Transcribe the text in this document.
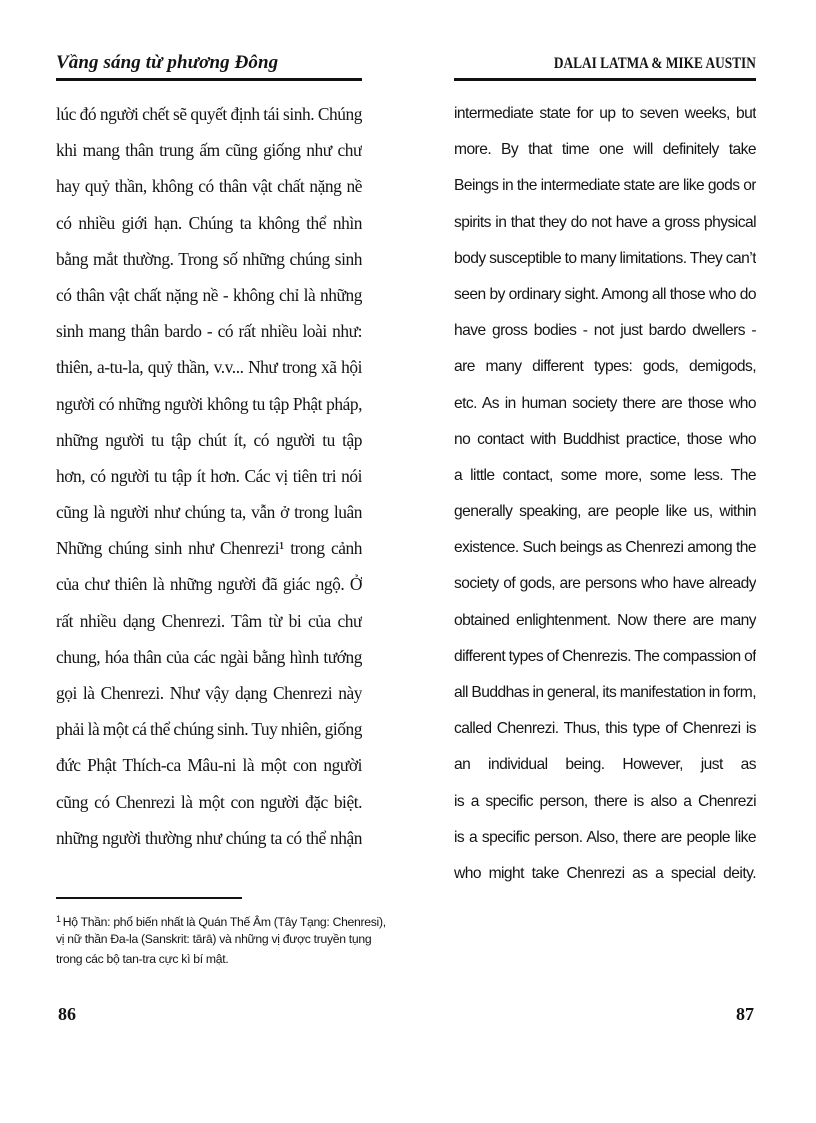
Vầng sáng từ phương Đông
lúc đó người chết sẽ quyết định tái sinh. Chúng
khi mang thân trung ấm cũng giống như chư
hay quỷ thần, không có thân vật chất nặng nề
có nhiều giới hạn. Chúng ta không thể nhìn
bằng mắt thường. Trong số những chúng sinh
có thân vật chất nặng nề - không chỉ là những
sinh mang thân bardo - có rất nhiều loài như:
thiên, a-tu-la, quỷ thần, v.v... Như trong xã hội
người có những người không tu tập Phật pháp,
những người tu tập chút ít, có người tu tập
hơn, có người tu tập ít hơn. Các vị tiên tri nói
cũng là người như chúng ta, vẫn ở trong luân
Những chúng sinh như Chenrezi¹ trong cảnh
của chư thiên là những người đã giác ngộ. Ở
rất nhiều dạng Chenrezi. Tâm từ bi của chư
chung, hóa thân của các ngài bằng hình tướng
gọi là Chenrezi. Như vậy dạng Chenrezi này
phải là một cá thể chúng sinh. Tuy nhiên, giống
đức Phật Thích-ca Mâu-ni là một con người
cũng có Chenrezi là một con người đặc biệt.
những người thường như chúng ta có thể nhận
$^1$ Hộ Thần: phổ biến nhất là Quán Thế Âm (Tây Tạng: Chenresi),
vị nữ thần Đa-la (Sanskrit: tārā) và những vị được truyền tụng
trong các bộ tan-tra cực kì bí mật.
86
DALAI LATMA & MIKE AUSTIN
intermediate state for up to seven weeks, but
more. By that time one will definitely take
Beings in the intermediate state are like gods or
spirits in that they do not have a gross physical
body susceptible to many limitations. They can’t
seen by ordinary sight. Among all those who do
have gross bodies - not just bardo dwellers -
are many different types: gods, demigods,
etc. As in human society there are those who
no contact with Buddhist practice, those who
a little contact, some more, some less. The
generally speaking, are people like us, within
existence. Such beings as Chenrezi among the
society of gods, are persons who have already
obtained enlightenment. Now there are many
different types of Chenrezis. The compassion of
all Buddhas in general, its manifestation in form,
called Chenrezi. Thus, this type of Chenrezi is
an individual being. However, just as
is a specific person, there is also a Chenrezi
is a specific person. Also, there are people like
who might take Chenrezi as a special deity.
87
